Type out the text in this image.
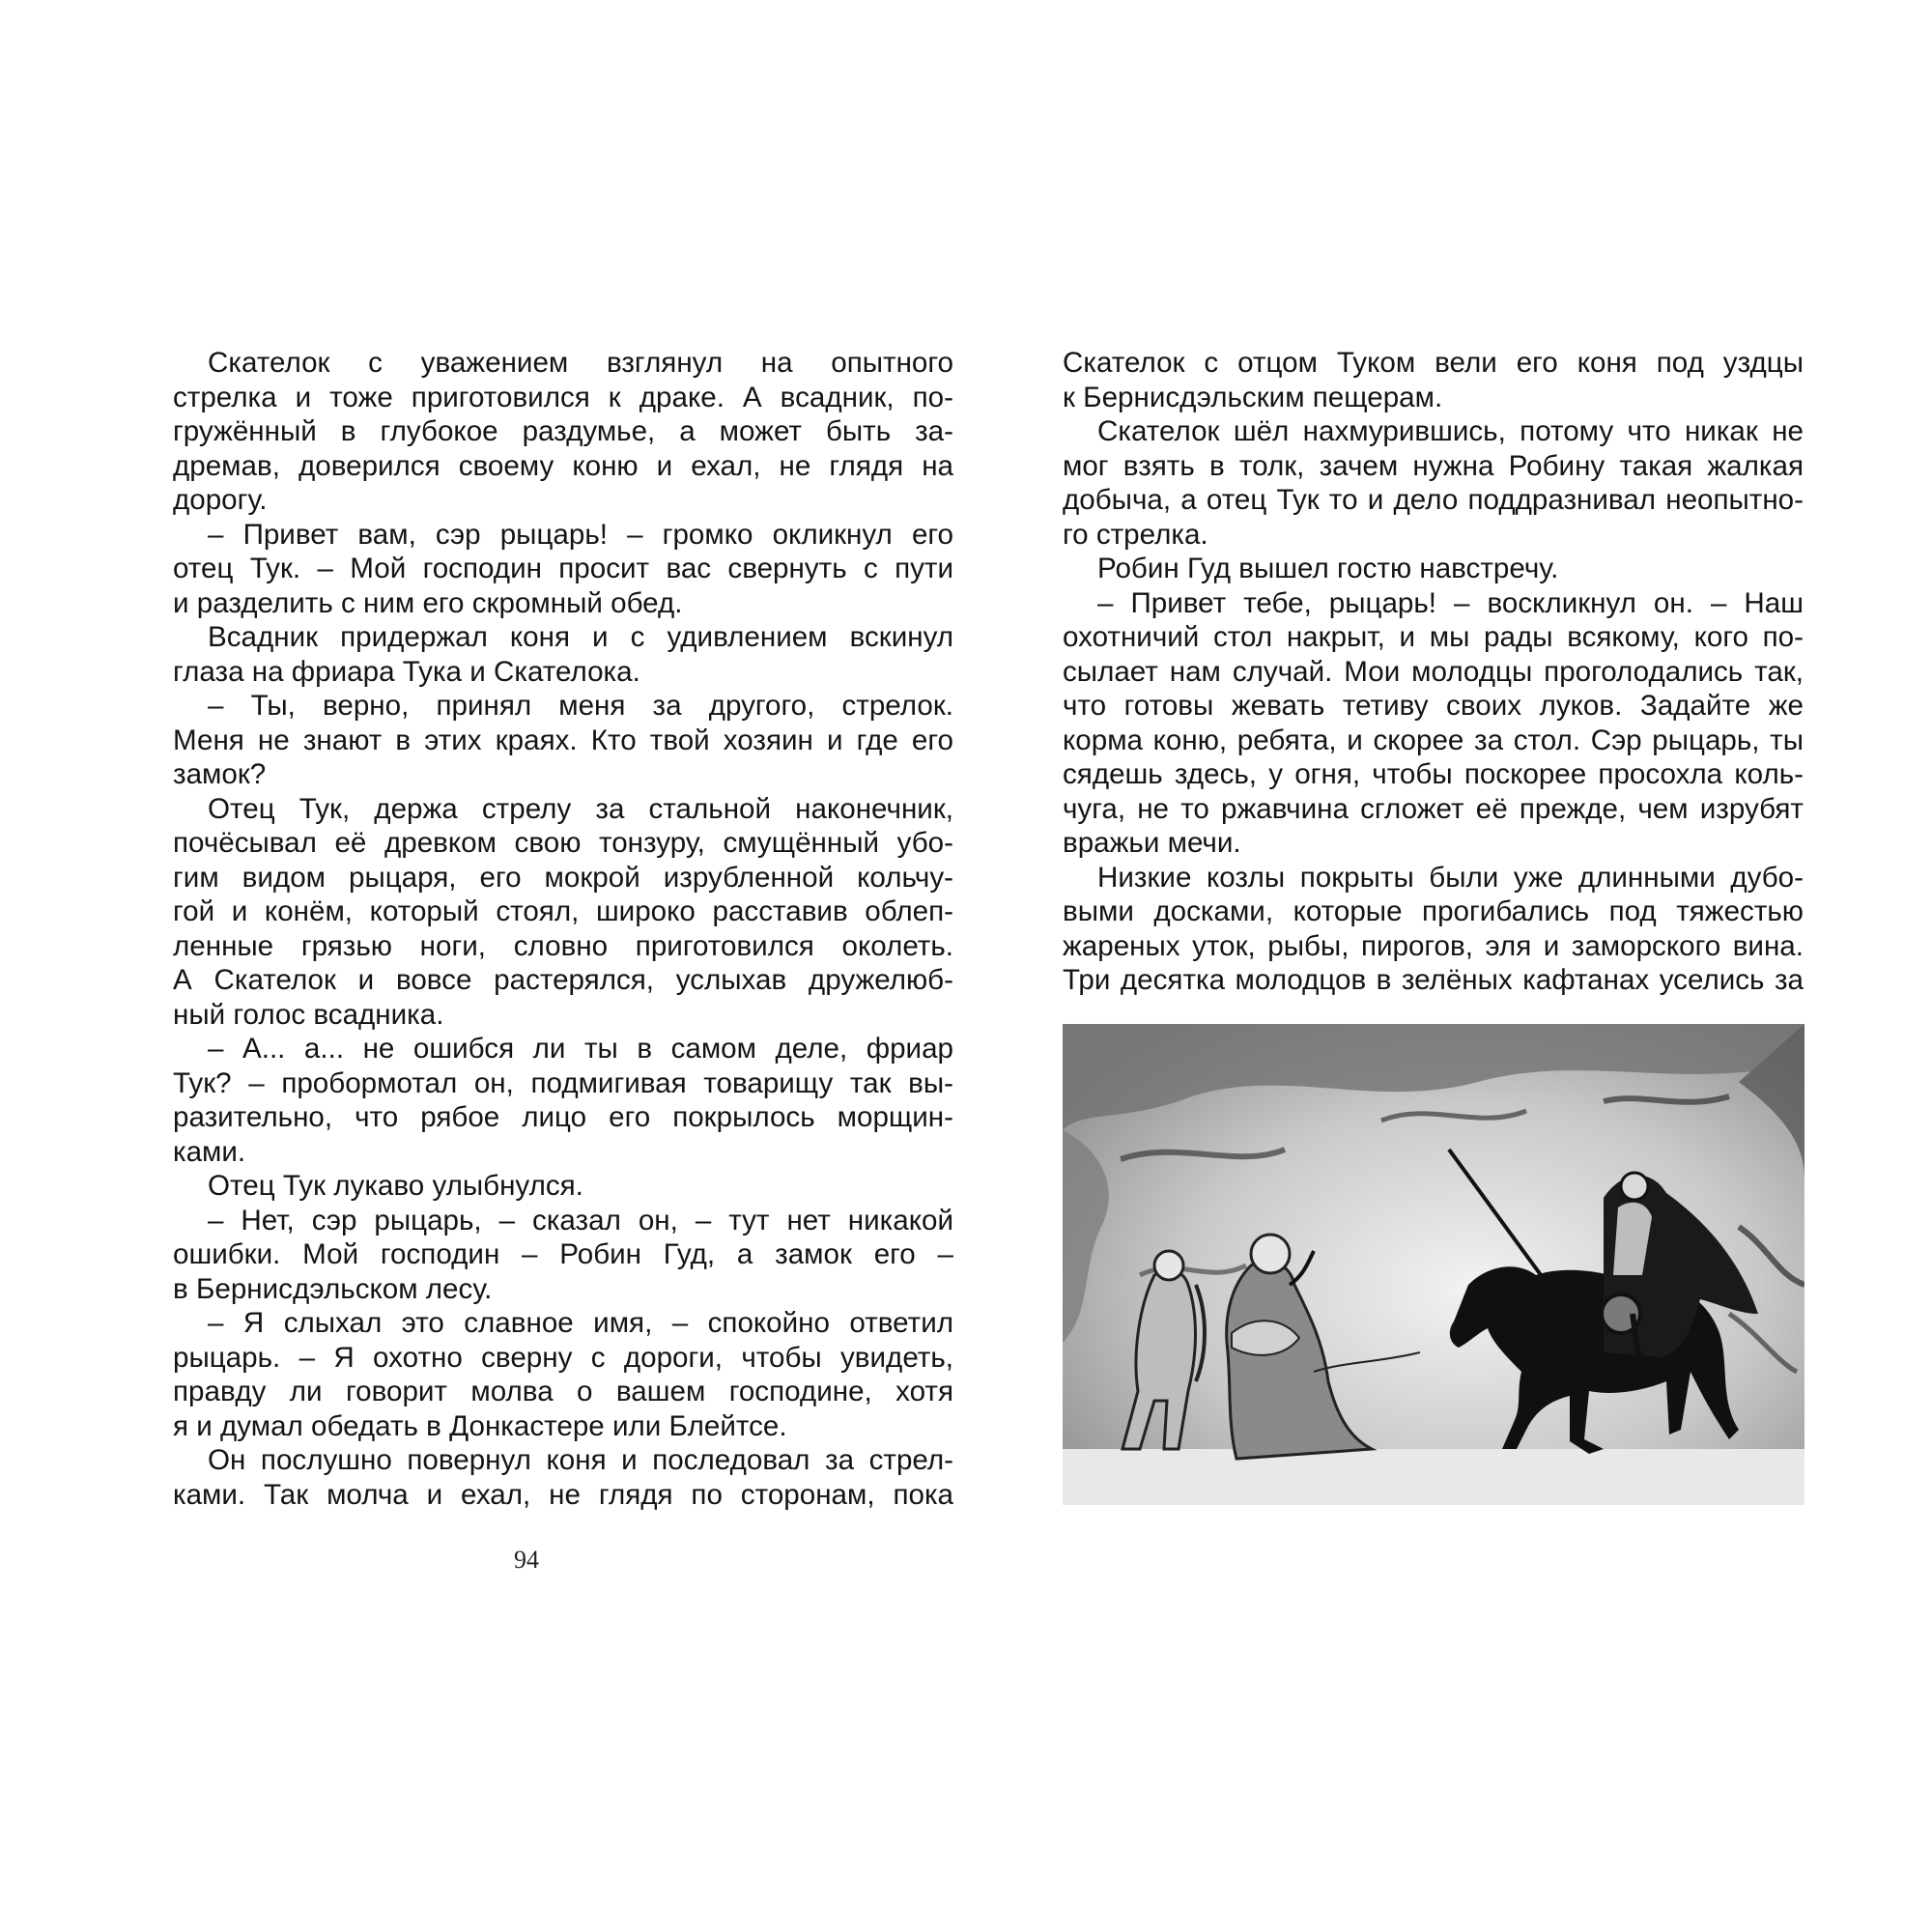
Скателок с уважением взглянул на опытного

стрелка и тоже приготовился к драке. А всадник, по-

гружённый в глубокое раздумье, а может быть за-

дремав, доверился своему коню и ехал, не глядя на

дорогу.

– Привет вам, сэр рыцарь! – громко окликнул его

отец Тук. – Мой господин просит вас свернуть с пути

и разделить с ним его скромный обед.

Всадник придержал коня и с удивлением вскинул

глаза на фриара Тука и Скателока.

– Ты, верно, принял меня за другого, стрелок.

Меня не знают в этих краях. Кто твой хозяин и где его

замок?

Отец Тук, держа стрелу за стальной наконечник,

почёсывал её древком свою тонзуру, смущённый убо-

гим видом рыцаря, его мокрой изрубленной кольчу-

гой и конём, который стоял, широко расставив облеп-

ленные грязью ноги, словно приготовился околеть.

А Скателок и вовсе растерялся, услыхав дружелюб-

ный голос всадника.

– А... а... не ошибся ли ты в самом деле, фриар

Тук? – пробормотал он, подмигивая товарищу так вы-

разительно, что рябое лицо его покрылось морщин-

ками.

Отец Тук лукаво улыбнулся.

– Нет, сэр рыцарь, – сказал он, – тут нет никакой

ошибки. Мой господин – Робин Гуд, а замок его –

в Бернисдэльском лесу.

– Я слыхал это славное имя, – спокойно ответил

рыцарь. – Я охотно сверну с дороги, чтобы увидеть,

правду ли говорит молва о вашем господине, хотя

я и думал обедать в Донкастере или Блейтсе.

Он послушно повернул коня и последовал за стрел-

ками. Так молча и ехал, не глядя по сторонам, пока

Скателок с отцом Туком вели его коня под уздцы

к Бернисдэльским пещерам.

Скателок шёл нахмурившись, потому что никак не

мог взять в толк, зачем нужна Робину такая жалкая

добыча, а отец Тук то и дело поддразнивал неопытно-

го стрелка.

Робин Гуд вышел гостю навстречу.

– Привет тебе, рыцарь! – воскликнул он. – Наш

охотничий стол накрыт, и мы рады всякому, кого по-

сылает нам случай. Мои молодцы проголодались так,

что готовы жевать тетиву своих луков. Задайте же

корма коню, ребята, и скорее за стол. Сэр рыцарь, ты

сядешь здесь, у огня, чтобы поскорее просохла коль-

чуга, не то ржавчина сгложет её прежде, чем изрубят

вражьи мечи.

Низкие козлы покрыты были уже длинными дубо-

выми досками, которые прогибались под тяжестью

жареных уток, рыбы, пирогов, эля и заморского вина.

Три десятка молодцов в зелёных кафтанах уселись за

94
